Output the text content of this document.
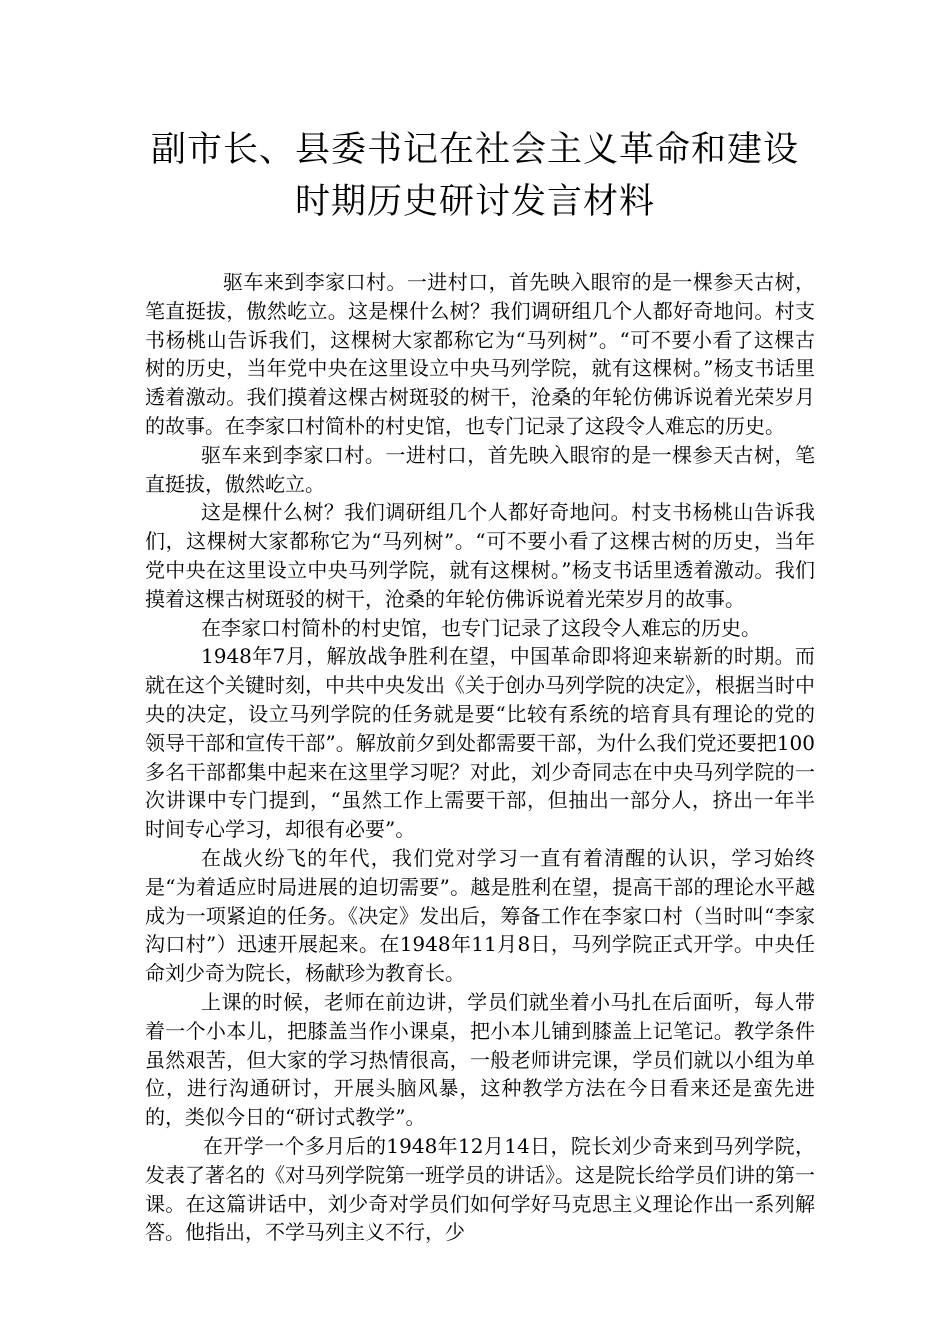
副市长、县委书记在社会主义革命和建设
时期历史研讨发言材料

驱车来到李家口村。一进村口，首先映入眼帘的是一棵参天古树，笔直挺拔，傲然屹立。这是棵什么树？我们调研组几个人都好奇地问。村支书杨桃山告诉我们，这棵树大家都称它为“马列树”。“可不要小看了这棵古树的历史，当年党中央在这里设立中央马列学院，就有这棵树。”杨支书话里透着激动。我们摸着这棵古树斑驳的树干，沧桑的年轮仿佛诉说着光荣岁月的故事。在李家口村简朴的村史馆，也专门记录了这段令人难忘的历史。

驱车来到李家口村。一进村口，首先映入眼帘的是一棵参天古树，笔直挺拔，傲然屹立。

这是棵什么树？我们调研组几个人都好奇地问。村支书杨桃山告诉我们，这棵树大家都称它为“马列树”。“可不要小看了这棵古树的历史，当年党中央在这里设立中央马列学院，就有这棵树。”杨支书话里透着激动。我们摸着这棵古树斑驳的树干，沧桑的年轮仿佛诉说着光荣岁月的故事。

在李家口村简朴的村史馆，也专门记录了这段令人难忘的历史。

1948年7月，解放战争胜利在望，中国革命即将迎来崭新的时期。而就在这个关键时刻，中共中央发出《关于创办马列学院的决定》，根据当时中央的决定，设立马列学院的任务就是要“比较有系统的培育具有理论的党的领导干部和宣传干部”。解放前夕到处都需要干部，为什么我们党还要把100多名干部都集中起来在这里学习呢？对此，刘少奇同志在中央马列学院的一次讲课中专门提到，“虽然工作上需要干部，但抽出一部分人，挤出一年半时间专心学习，却很有必要”。

在战火纷飞的年代，我们党对学习一直有着清醒的认识，学习始终是“为着适应时局进展的迫切需要”。越是胜利在望，提高干部的理论水平越成为一项紧迫的任务。《决定》发出后，筹备工作在李家口村（当时叫“李家沟口村”）迅速开展起来。在1948年11月8日，马列学院正式开学。中央任命刘少奇为院长，杨献珍为教育长。

上课的时候，老师在前边讲，学员们就坐着小马扎在后面听，每人带着一个小本儿，把膝盖当作小课桌，把小本儿铺到膝盖上记笔记。教学条件虽然艰苦，但大家的学习热情很高，一般老师讲完课，学员们就以小组为单位，进行沟通研讨，开展头脑风暴，这种教学方法在今日看来还是蛮先进的，类似今日的“研讨式教学”。

在开学一个多月后的1948年12月14日，院长刘少奇来到马列学院，发表了著名的《对马列学院第一班学员的讲话》。这是院长给学员们讲的第一课。在这篇讲话中，刘少奇对学员们如何学好马克思主义理论作出一系列解答。他指出，不学马列主义不行，少
